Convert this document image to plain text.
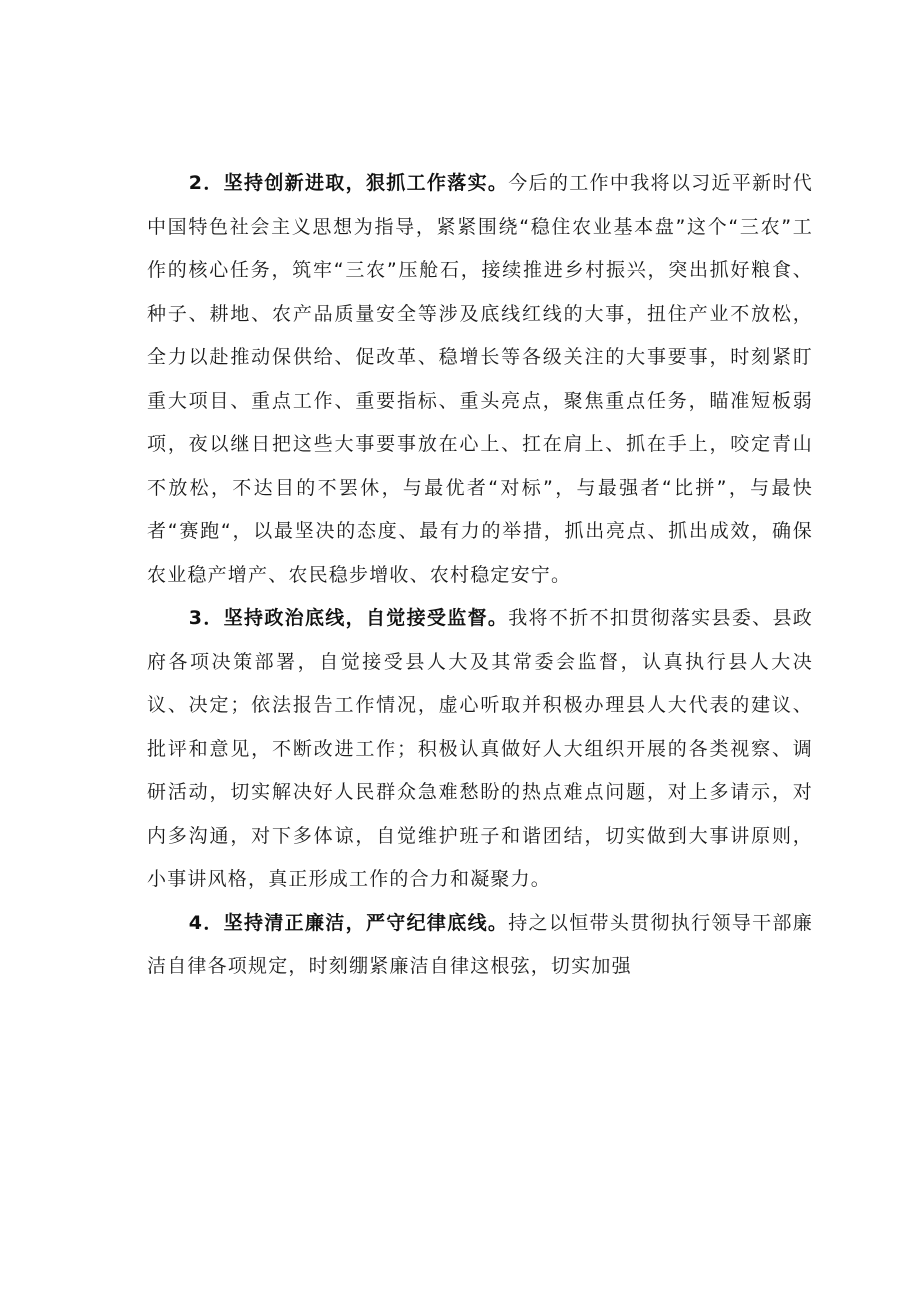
2．坚持创新进取，狠抓工作落实。今后的工作中我将以习近平新时代中国特色社会主义思想为指导，紧紧围绕“稳住农业基本盘”这个“三农”工作的核心任务，筑牢“三农”压舱石，接续推进乡村振兴，突出抓好粮食、种子、耕地、农产品质量安全等涉及底线红线的大事，扭住产业不放松，全力以赴推动保供给、促改革、稳增长等各级关注的大事要事，时刻紧盯重大项目、重点工作、重要指标、重头亮点，聚焦重点任务，瞄准短板弱项，夜以继日把这些大事要事放在心上、扛在肩上、抓在手上，咬定青山不放松，不达目的不罢休，与最优者“对标”，与最强者“比拼”，与最快者“赛跑“，以最坚决的态度、最有力的举措，抓出亮点、抓出成效，确保农业稳产增产、农民稳步增收、农村稳定安宁。

3．坚持政治底线，自觉接受监督。我将不折不扣贯彻落实县委、县政府各项决策部署，自觉接受县人大及其常委会监督，认真执行县人大决议、决定；依法报告工作情况，虚心听取并积极办理县人大代表的建议、批评和意见，不断改进工作；积极认真做好人大组织开展的各类视察、调研活动，切实解决好人民群众急难愁盼的热点难点问题，对上多请示，对内多沟通，对下多体谅，自觉维护班子和谐团结，切实做到大事讲原则，小事讲风格，真正形成工作的合力和凝聚力。

4．坚持清正廉洁，严守纪律底线。持之以恒带头贯彻执行领导干部廉洁自律各项规定，时刻绷紧廉洁自律这根弦，切实加强
